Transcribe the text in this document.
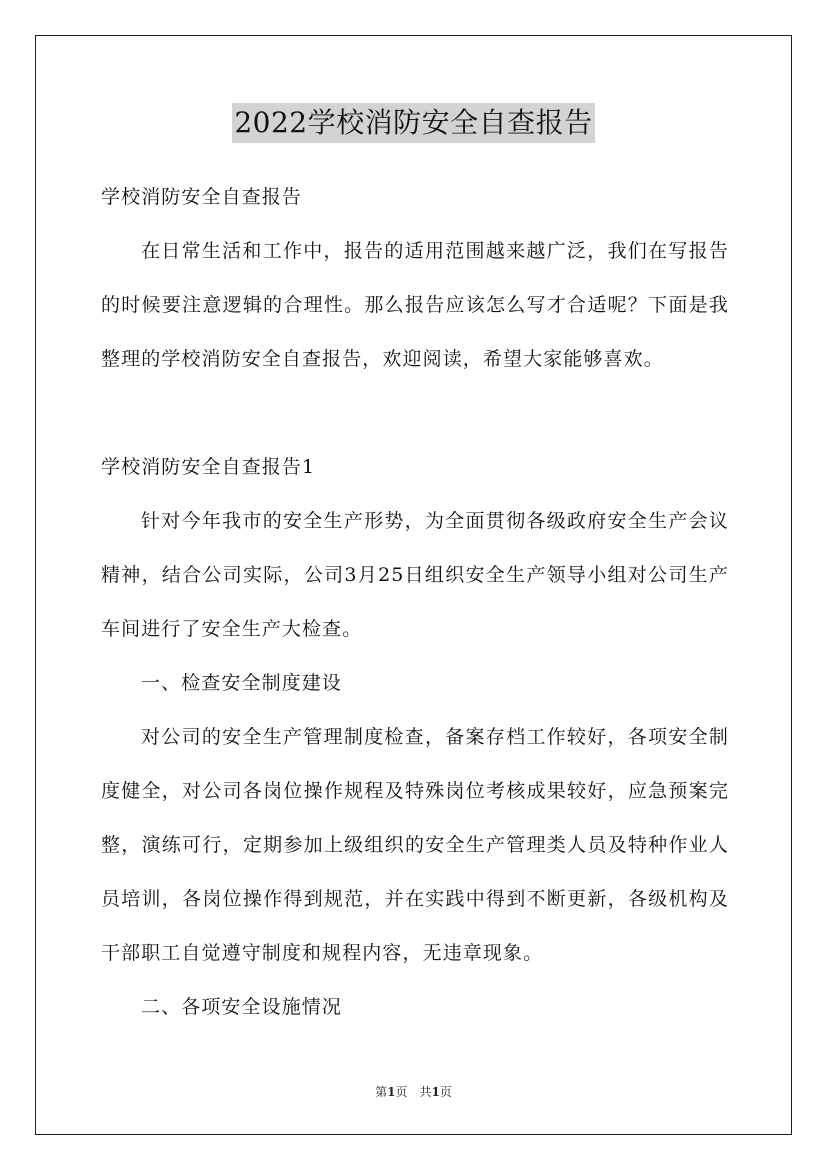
2022学校消防安全自查报告

学校消防安全自查报告

在日常生活和工作中，报告的适用范围越来越广泛，我们在写报告的时候要注意逻辑的合理性。那么报告应该怎么写才合适呢？下面是我整理的学校消防安全自查报告，欢迎阅读，希望大家能够喜欢。

学校消防安全自查报告1

针对今年我市的安全生产形势，为全面贯彻各级政府安全生产会议精神，结合公司实际，公司3月25日组织安全生产领导小组对公司生产车间进行了安全生产大检查。

一、检查安全制度建设

对公司的安全生产管理制度检查，备案存档工作较好，各项安全制度健全，对公司各岗位操作规程及特殊岗位考核成果较好，应急预案完整，演练可行，定期参加上级组织的安全生产管理类人员及特种作业人员培训，各岗位操作得到规范，并在实践中得到不断更新，各级机构及干部职工自觉遵守制度和规程内容，无违章现象。

二、各项安全设施情况

第1页　共1页
